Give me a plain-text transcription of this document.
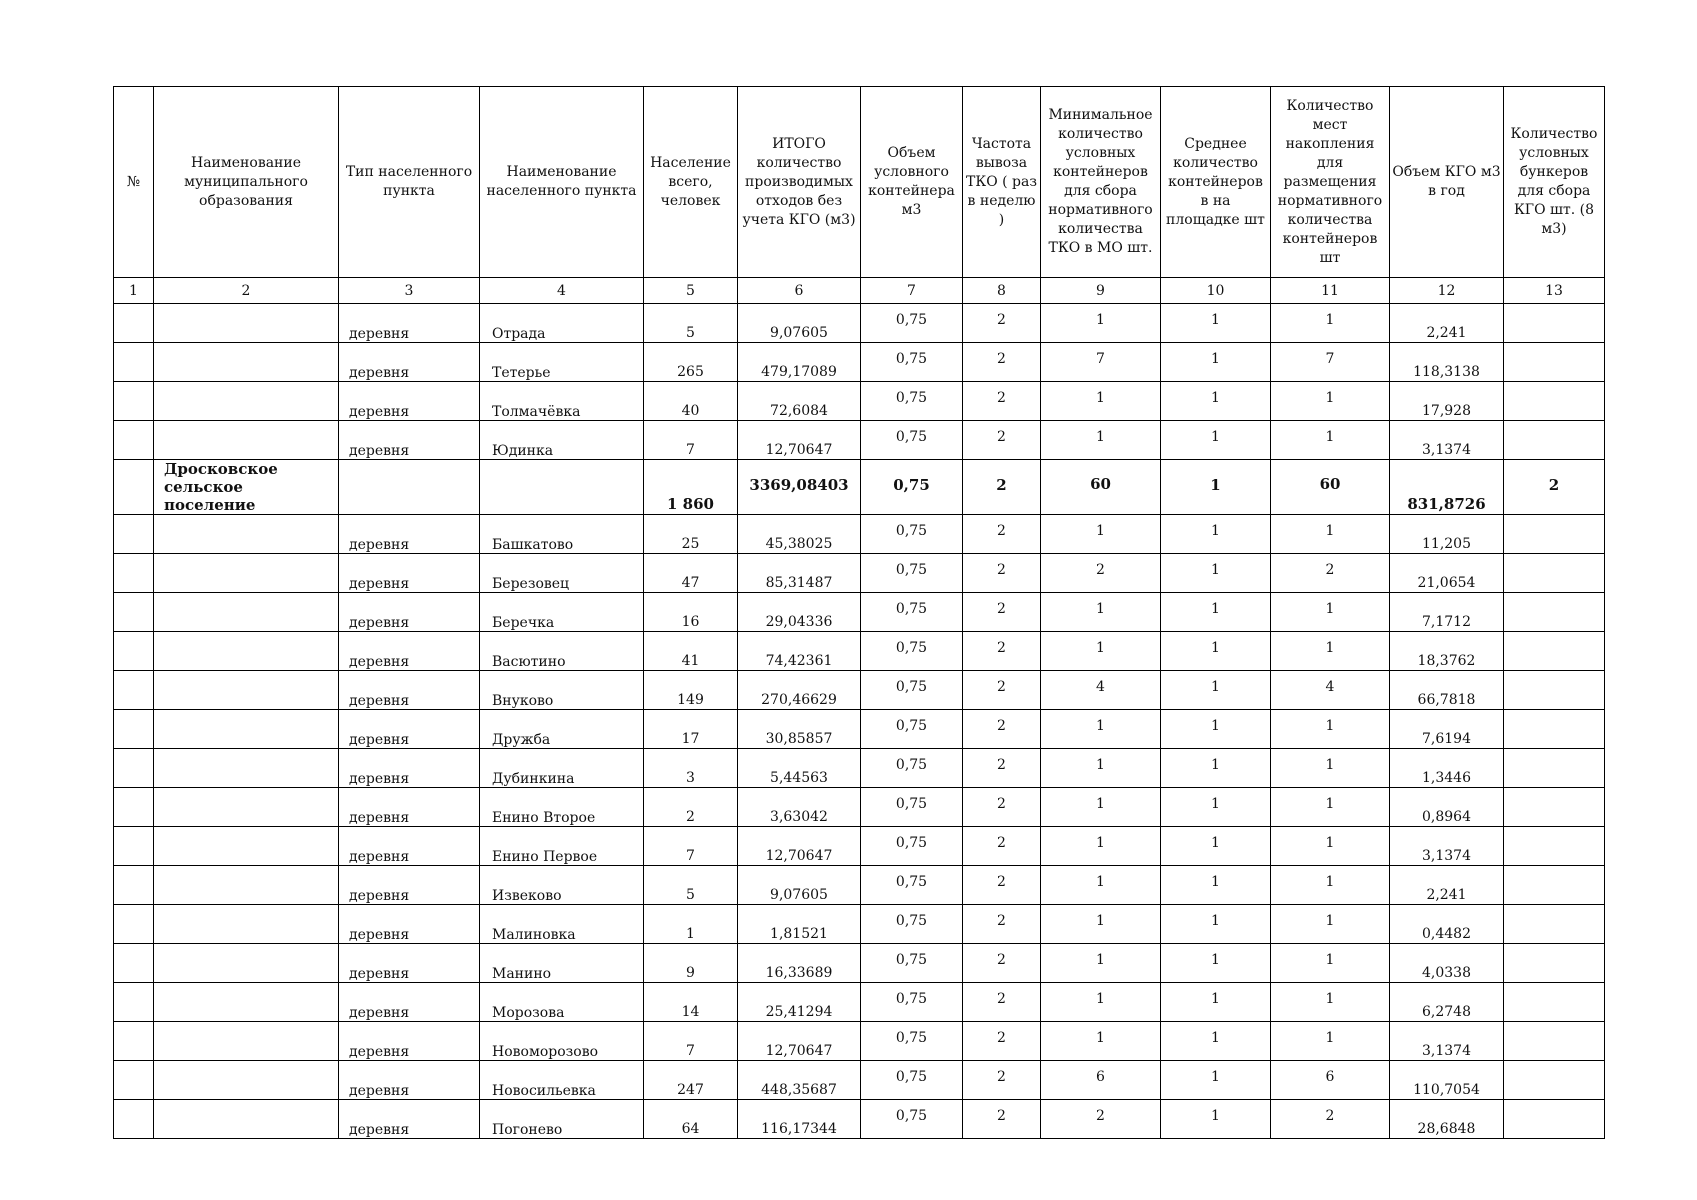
№	Наименование муниципального образования	Тип населенного пункта	Наименование населенного пункта	Население всего, человек	ИТОГО количество производимых отходов без учета КГО (м3)	Объем условного контейнера м3	Частота вывоза ТКО ( раз в неделю )	Минимальное количество условных контейнеров для сбора нормативного количества ТКО в МО шт.	Среднее количество контейнеров в на площадке шт	Количество мест накопления для размещения нормативного количества контейнеров шт	Объем КГО м3 в год	Количество условных бункеров для сбора КГО шт. (8 м3)
1	2	3	4	5	6	7	8	9	10	11	12	13
		деревня	Отрада	5	9,07605	0,75	2	1	1	1	2,241	
		деревня	Тетерье	265	479,17089	0,75	2	7	1	7	118,3138	
		деревня	Толмачёвка	40	72,6084	0,75	2	1	1	1	17,928	
		деревня	Юдинка	7	12,70647	0,75	2	1	1	1	3,1374	
	Дросковское сельское поселение			1 860	3369,08403	0,75	2	60	1	60	831,8726	2
		деревня	Башкатово	25	45,38025	0,75	2	1	1	1	11,205	
		деревня	Березовец	47	85,31487	0,75	2	2	1	2	21,0654	
		деревня	Беречка	16	29,04336	0,75	2	1	1	1	7,1712	
		деревня	Васютино	41	74,42361	0,75	2	1	1	1	18,3762	
		деревня	Внуково	149	270,46629	0,75	2	4	1	4	66,7818	
		деревня	Дружба	17	30,85857	0,75	2	1	1	1	7,6194	
		деревня	Дубинкина	3	5,44563	0,75	2	1	1	1	1,3446	
		деревня	Енино Второе	2	3,63042	0,75	2	1	1	1	0,8964	
		деревня	Енино Первое	7	12,70647	0,75	2	1	1	1	3,1374	
		деревня	Извеково	5	9,07605	0,75	2	1	1	1	2,241	
		деревня	Малиновка	1	1,81521	0,75	2	1	1	1	0,4482	
		деревня	Манино	9	16,33689	0,75	2	1	1	1	4,0338	
		деревня	Морозова	14	25,41294	0,75	2	1	1	1	6,2748	
		деревня	Новоморозово	7	12,70647	0,75	2	1	1	1	3,1374	
		деревня	Новосильевка	247	448,35687	0,75	2	6	1	6	110,7054	
		деревня	Погонево	64	116,17344	0,75	2	2	1	2	28,6848	
